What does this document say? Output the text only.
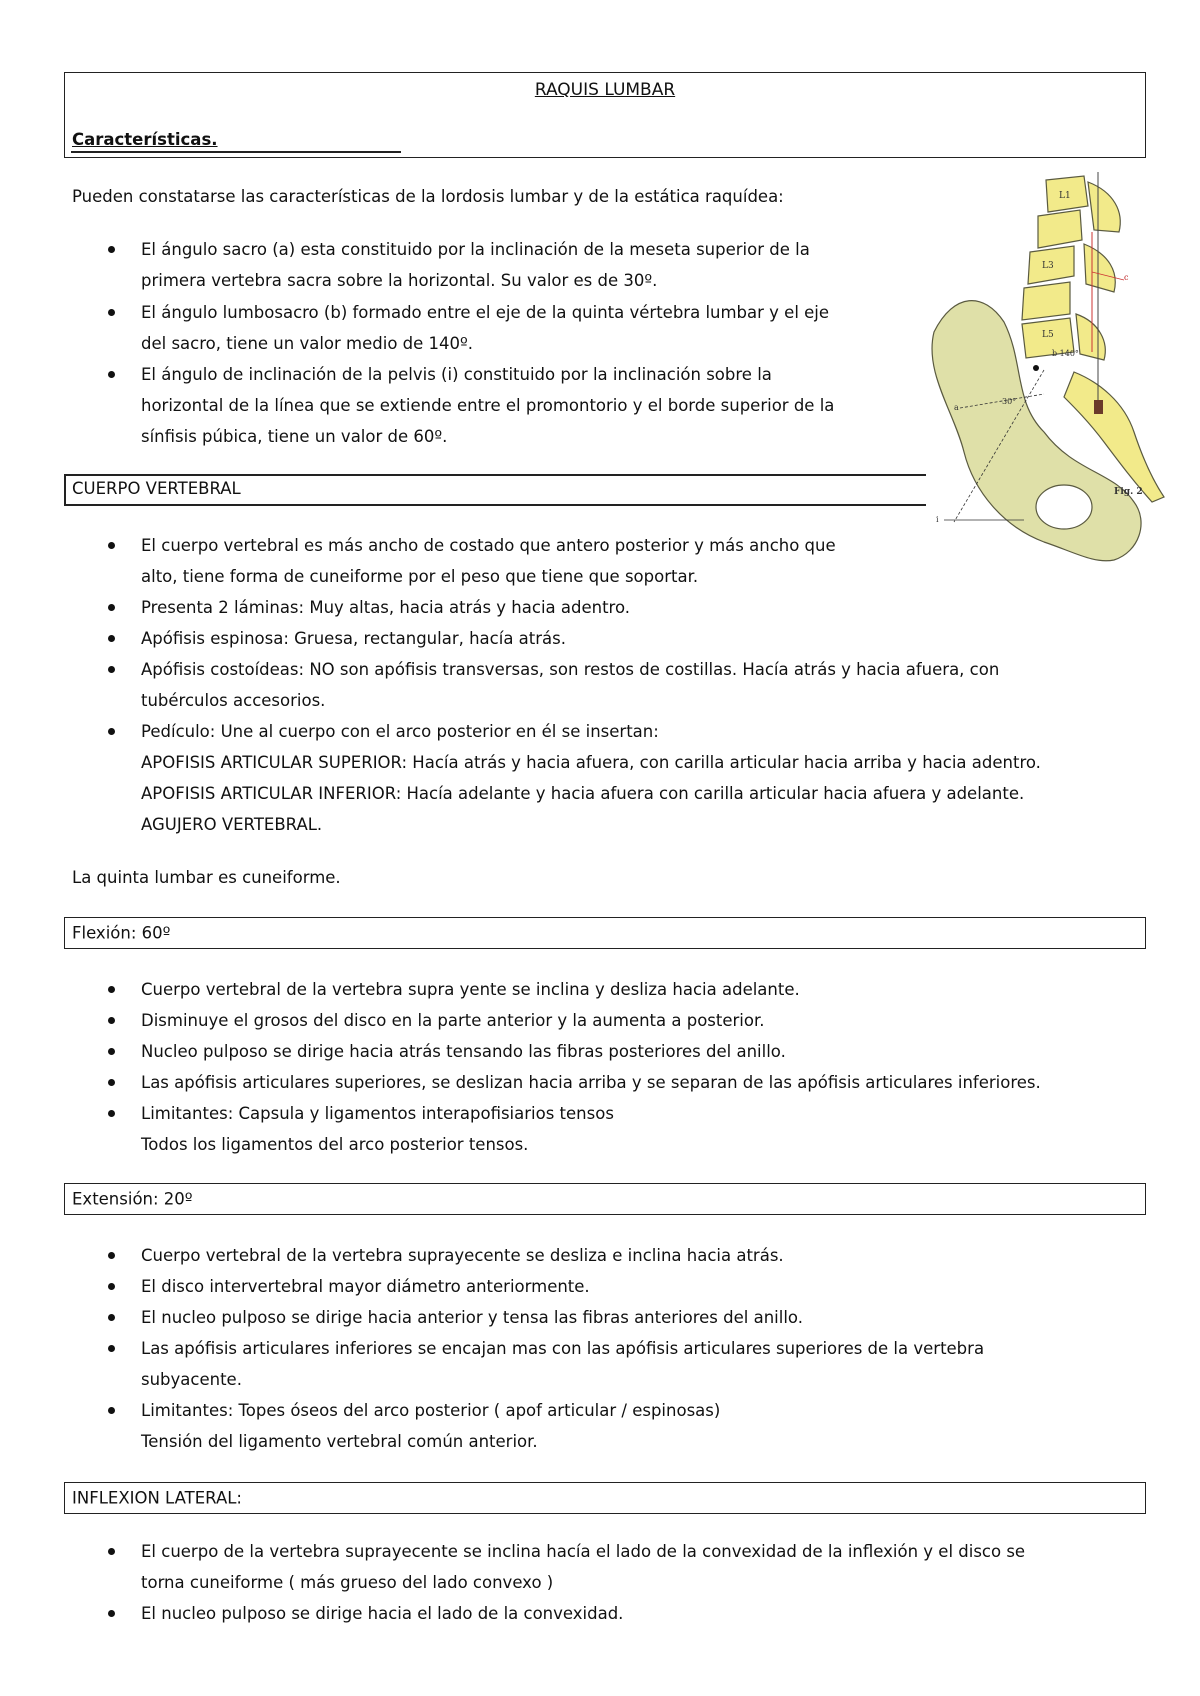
RAQUIS LUMBAR
Características.
Pueden constatarse las características de la lordosis lumbar y de la estática raquídea:
El ángulo sacro (a) esta constituido por la inclinación de la meseta superior de la
primera vertebra sacra sobre la horizontal. Su valor es de 30º.
El ángulo lumbosacro (b) formado entre el eje de la quinta vértebra lumbar y el eje
del sacro, tiene un valor medio de 140º.
El ángulo de inclinación de la pelvis (i) constituido por la inclinación sobre la
horizontal de la línea que se extiende entre el promontorio y el borde superior de la
sínfisis púbica, tiene un valor de 60º.
CUERPO VERTEBRAL
El cuerpo vertebral es más ancho de costado que antero posterior y más ancho que
alto, tiene forma de cuneiforme por el peso que tiene que soportar.
Presenta 2 láminas: Muy altas, hacia atrás y hacia adentro.
Apófisis espinosa: Gruesa, rectangular, hacía atrás.
Apófisis costoídeas: NO son apófisis transversas, son restos de costillas. Hacía atrás y hacia afuera, con
tubérculos accesorios.
Pedículo: Une al cuerpo con el arco posterior en él se insertan:
APOFISIS ARTICULAR SUPERIOR: Hacía atrás y hacia afuera, con carilla articular hacia arriba y hacia adentro.
APOFISIS ARTICULAR INFERIOR: Hacía adelante y hacia afuera con carilla articular hacia afuera y adelante.
AGUJERO VERTEBRAL.
La quinta lumbar es cuneiforme.
Flexión: 60º
Cuerpo vertebral de la vertebra supra yente se inclina y desliza hacia adelante.
Disminuye el grosos del disco en la parte anterior y la aumenta a posterior.
Nucleo pulposo se dirige hacia atrás tensando las fibras posteriores del anillo.
Las apófisis articulares superiores, se deslizan hacia arriba y se separan de las apófisis articulares inferiores.
Limitantes: Capsula y ligamentos interapofisiarios tensos
Todos los ligamentos del arco posterior tensos.
Extensión: 20º
Cuerpo vertebral de la vertebra suprayecente se desliza e inclina hacia atrás.
El disco intervertebral mayor diámetro anteriormente.
El nucleo pulposo se dirige hacia anterior y tensa las fibras anteriores del anillo.
Las apófisis articulares inferiores se encajan mas con las apófisis articulares superiores de la vertebra
subyacente.
Limitantes: Topes óseos del arco posterior ( apof articular / espinosas)
Tensión del ligamento vertebral común anterior.
INFLEXION LATERAL:
El cuerpo de la vertebra suprayecente se inclina hacía el lado de la convexidad de la inflexión y el disco se
torna cuneiforme ( más grueso del lado convexo )
El nucleo pulposo se dirige hacia el lado de la convexidad.
L1
L3
L5
b 140°
30°
c
a
i
Fig. 2
